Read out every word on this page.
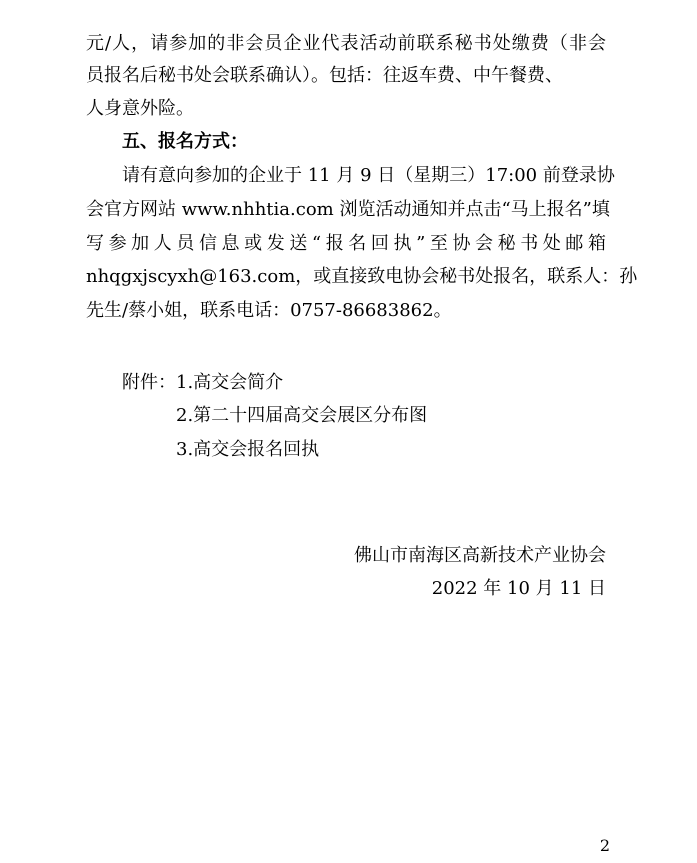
元/人，请参加的非会员企业代表活动前联系秘书处缴费（非会
员报名后秘书处会联系确认）。包括：往返车费、中午餐费、
人身意外险。
五、报名方式：
请有意向参加的企业于 11 月 9 日（星期三）17:00 前登录协
会官方网站 www.nhhtia.com 浏览活动通知并点击“马上报名”填
写参加人员信息或发送“报名回执”至协会秘书处邮箱
nhqgxjscyxh@163.com，或直接致电协会秘书处报名，联系人：孙
先生/蔡小姐，联系电话：0757-86683862。
附件：1.高交会简介
2.第二十四届高交会展区分布图
3.高交会报名回执
佛山市南海区高新技术产业协会
2022 年 10 月 11 日
2
